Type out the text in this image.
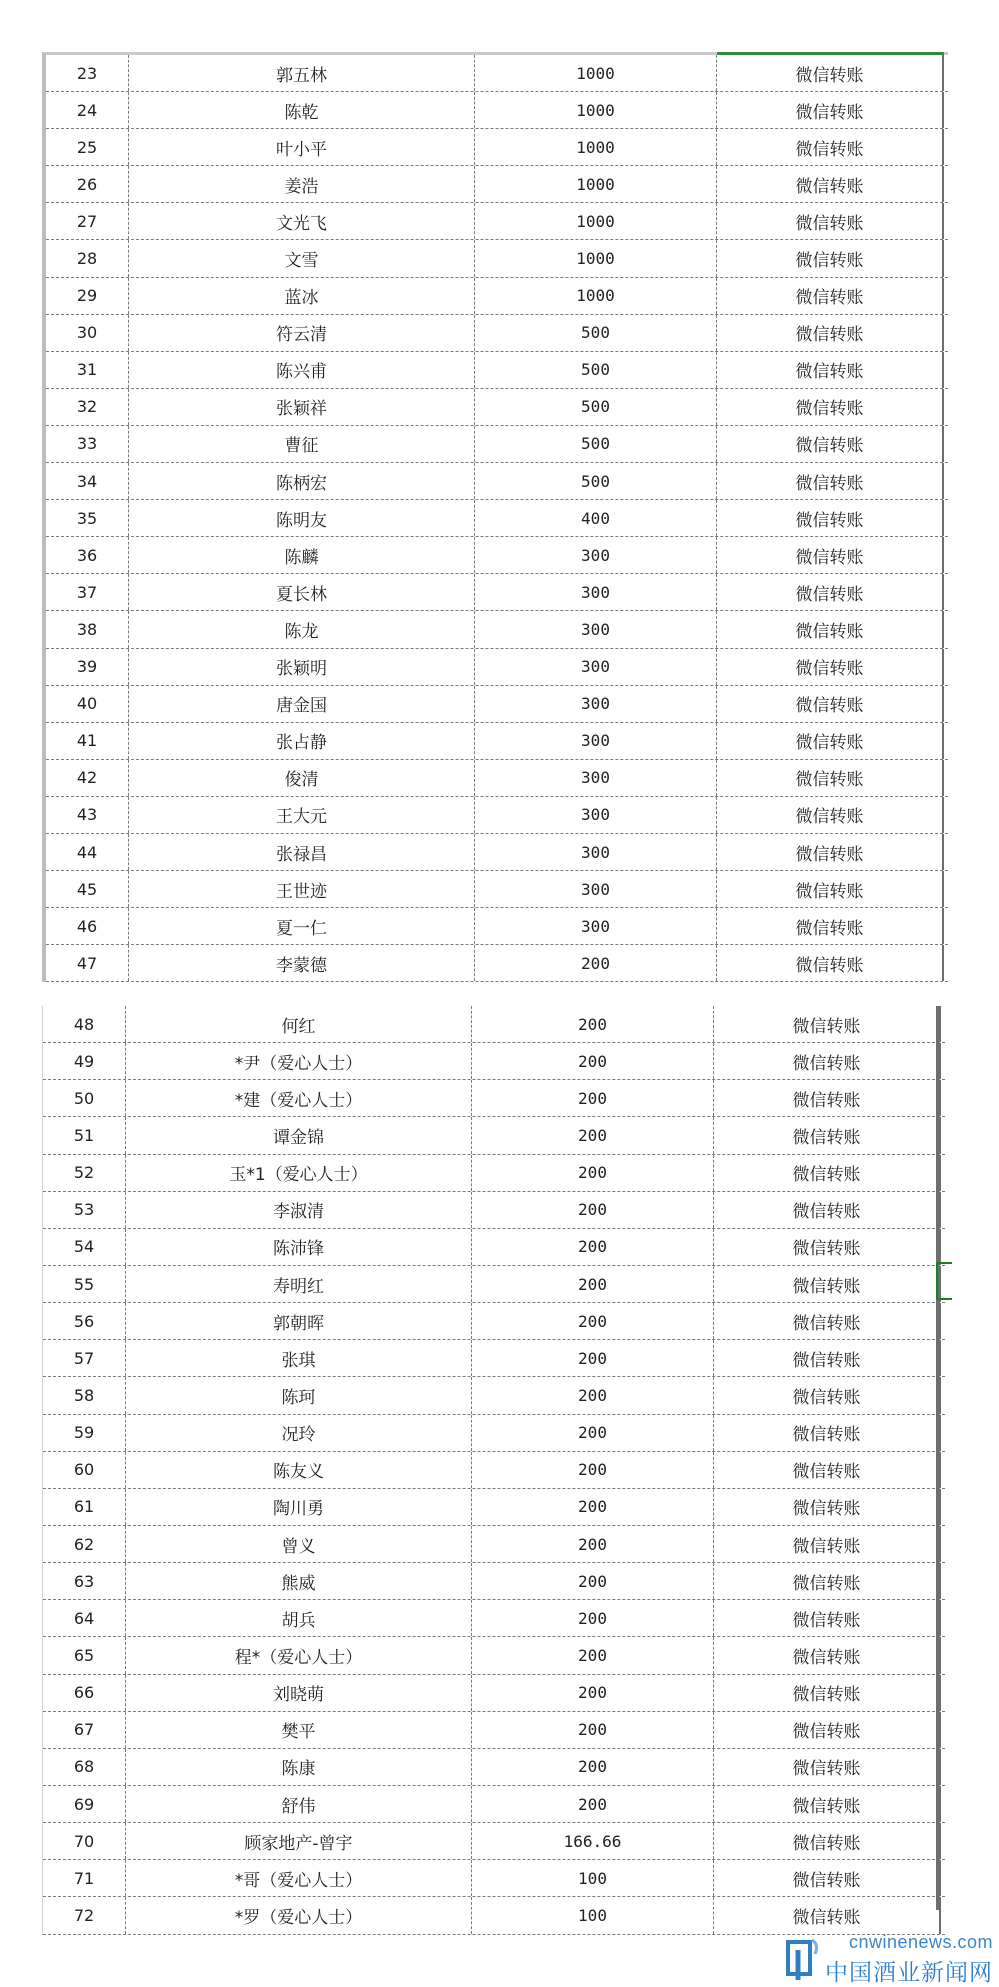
23	郭五林	1000	微信转账
24	陈乾	1000	微信转账
25	叶小平	1000	微信转账
26	姜浩	1000	微信转账
27	文光飞	1000	微信转账
28	文雪	1000	微信转账
29	蓝冰	1000	微信转账
30	符云清	500	微信转账
31	陈兴甫	500	微信转账
32	张颖祥	500	微信转账
33	曹征	500	微信转账
34	陈柄宏	500	微信转账
35	陈明友	400	微信转账
36	陈麟	300	微信转账
37	夏长林	300	微信转账
38	陈龙	300	微信转账
39	张颖明	300	微信转账
40	唐金国	300	微信转账
41	张占静	300	微信转账
42	俊清	300	微信转账
43	王大元	300	微信转账
44	张禄昌	300	微信转账
45	王世迹	300	微信转账
46	夏一仁	300	微信转账
47	李蒙德	200	微信转账
48	何红	200	微信转账
49	*尹（爱心人士）	200	微信转账
50	*建（爱心人士）	200	微信转账
51	谭金锦	200	微信转账
52	玉*1（爱心人士）	200	微信转账
53	李淑清	200	微信转账
54	陈沛锋	200	微信转账
55	寿明红	200	微信转账
56	郭朝晖	200	微信转账
57	张琪	200	微信转账
58	陈珂	200	微信转账
59	况玲	200	微信转账
60	陈友义	200	微信转账
61	陶川勇	200	微信转账
62	曾义	200	微信转账
63	熊威	200	微信转账
64	胡兵	200	微信转账
65	程*（爱心人士）	200	微信转账
66	刘晓萌	200	微信转账
67	樊平	200	微信转账
68	陈康	200	微信转账
69	舒伟	200	微信转账
70	顾家地产-曾宇	166.66	微信转账
71	*哥（爱心人士）	100	微信转账
72	*罗（爱心人士）	100	微信转账
cnwinenews.com
中国酒业新闻网
